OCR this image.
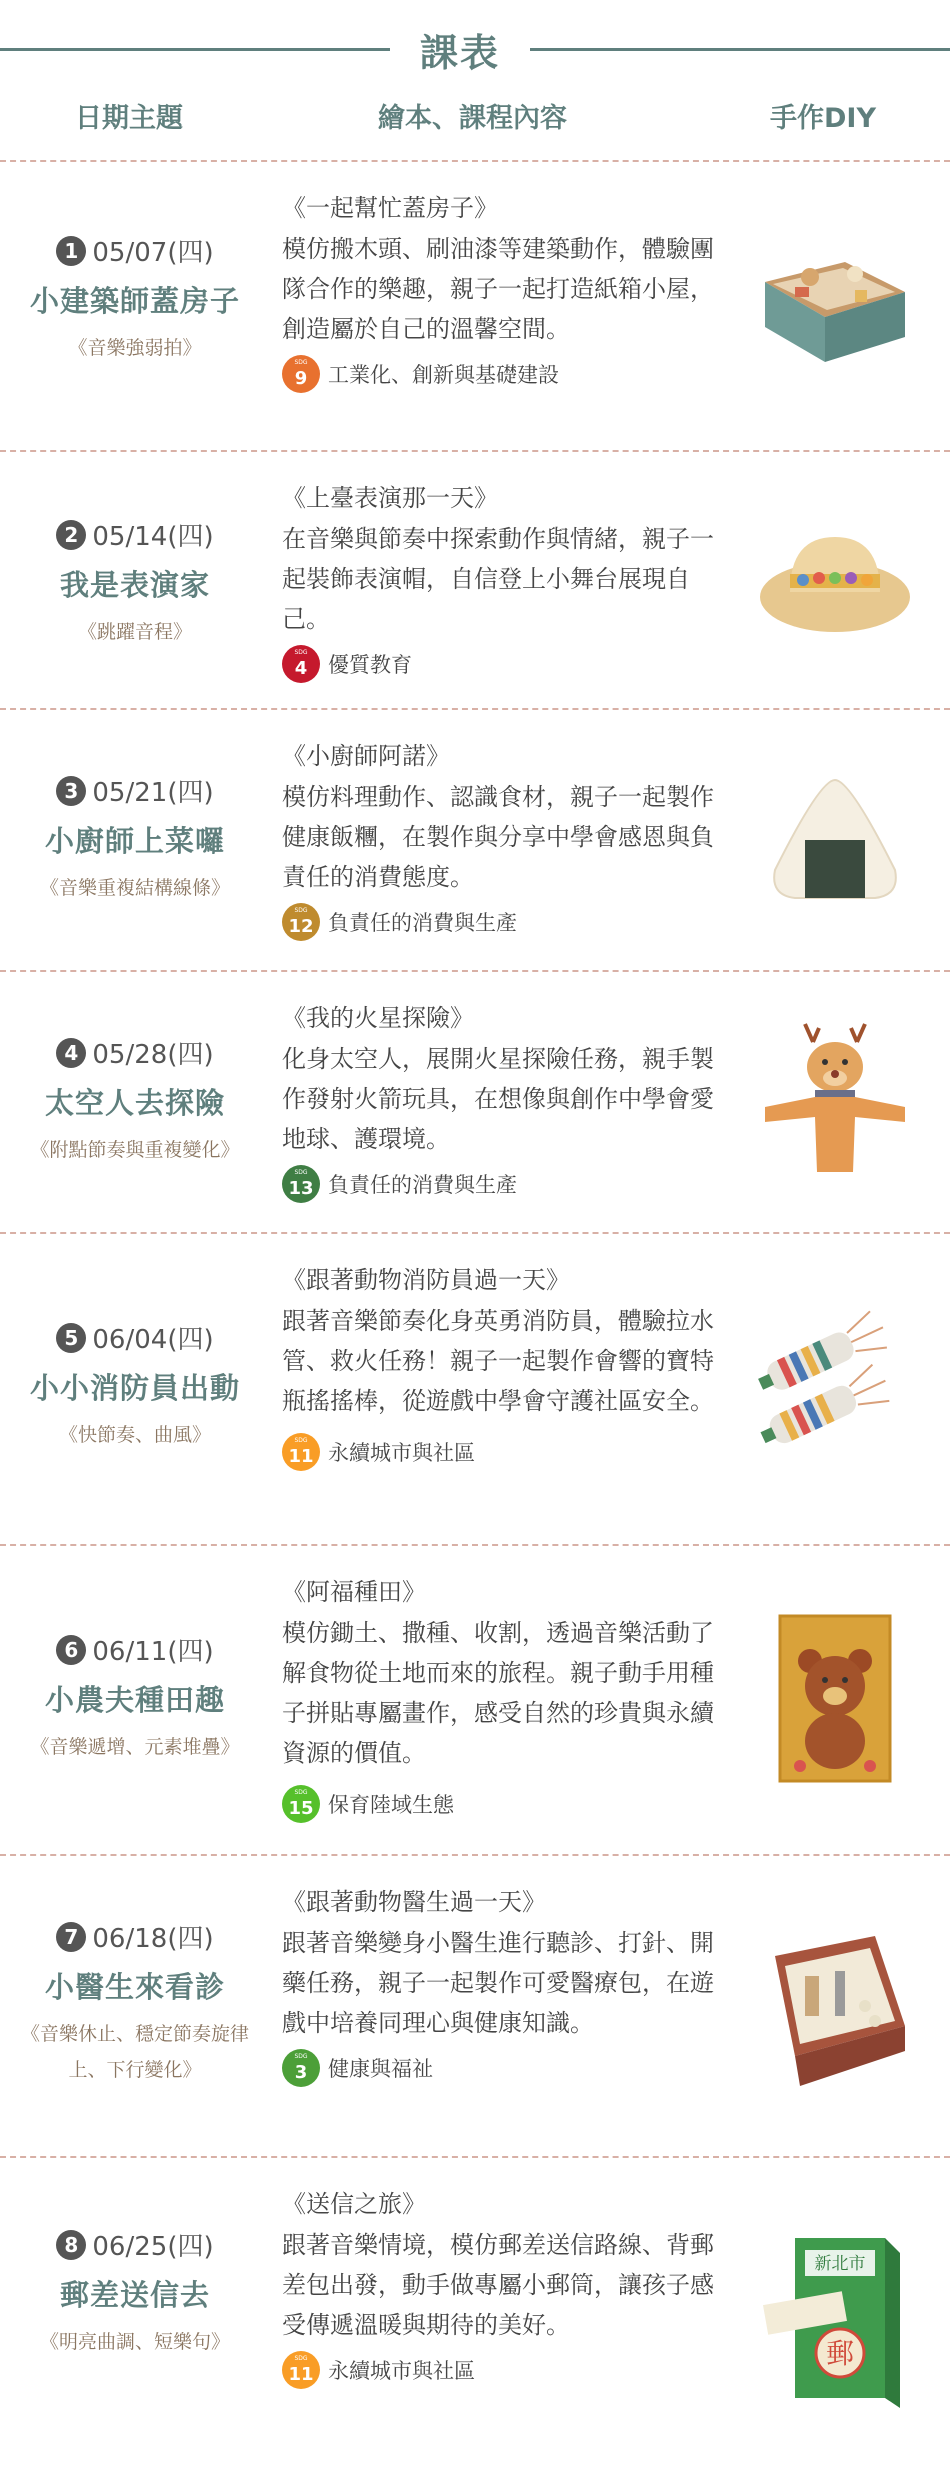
課表
日期主題	繪本、課程內容	手作DIY
1 05/07(四)
小建築師蓋房子
《音樂強弱拍》
《一起幫忙蓋房子》
模仿搬木頭、刷油漆等建築動作，體驗團隊合作的樂趣，親子一起打造紙箱小屋，創造屬於自己的溫馨空間。
SDG
9 工業化、創新與基礎建設
2 05/14(四)
我是表演家
《跳躍音程》
《上臺表演那一天》
在音樂與節奏中探索動作與情緒，親子一起裝飾表演帽，自信登上小舞台展現自己。
SDG
4 優質教育
3 05/21(四)
小廚師上菜囉
《音樂重複結構線條》
《小廚師阿諾》
模仿料理動作、認識食材，親子一起製作健康飯糰，在製作與分享中學會感恩與負責任的消費態度。
SDG
12 負責任的消費與生產
4 05/28(四)
太空人去探險
《附點節奏與重複變化》
《我的火星探險》
化身太空人，展開火星探險任務，親手製作發射火箭玩具，在想像與創作中學會愛地球、護環境。
SDG
13 負責任的消費與生產
5 06/04(四)
小小消防員出動
《快節奏、曲風》
《跟著動物消防員過一天》
跟著音樂節奏化身英勇消防員，體驗拉水管、救火任務！親子一起製作會響的寶特瓶搖搖棒，從遊戲中學會守護社區安全。
SDG
11 永續城市與社區
6 06/11(四)
小農夫種田趣
《音樂遞增、元素堆疊》
《阿福種田》
模仿鋤土、撒種、收割，透過音樂活動了解食物從土地而來的旅程。親子動手用種子拼貼專屬畫作，感受自然的珍貴與永續資源的價值。
SDG
15 保育陸域生態
7 06/18(四)
小醫生來看診
《音樂休止、穩定節奏旋律上、下行變化》
《跟著動物醫生過一天》
跟著音樂變身小醫生進行聽診、打針、開藥任務，親子一起製作可愛醫療包，在遊戲中培養同理心與健康知識。
SDG
3 健康與福祉
8 06/25(四)
郵差送信去
《明亮曲調、短樂句》
《送信之旅》
跟著音樂情境，模仿郵差送信路線、背郵差包出發，動手做專屬小郵筒，讓孩子感受傳遞溫暖與期待的美好。
SDG
11 永續城市與社區
新北市
郵
